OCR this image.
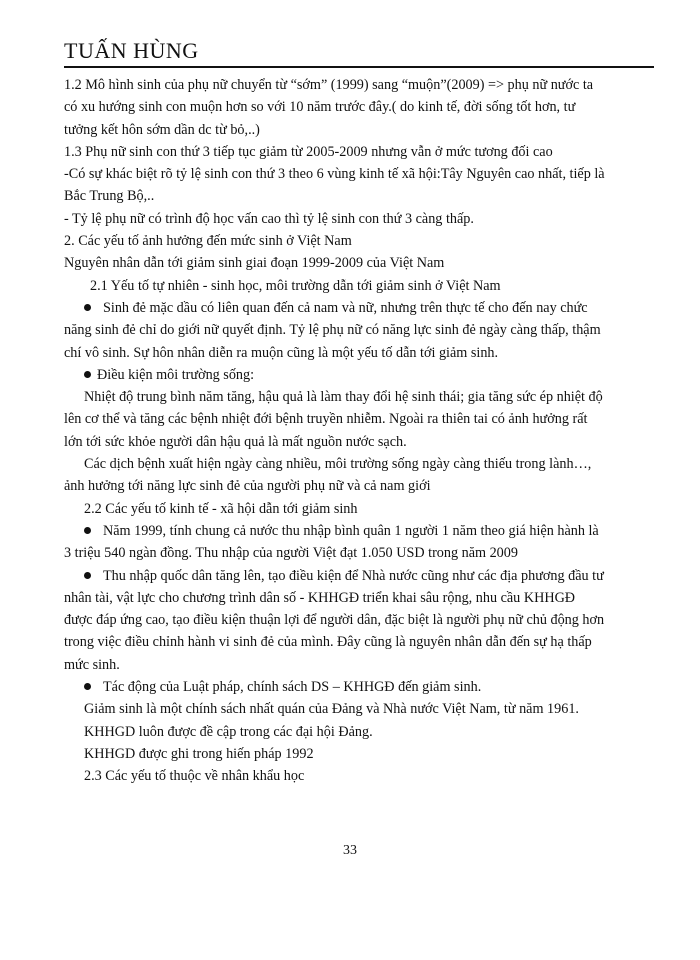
TUẤN HÙNG

1.2 Mô hình sinh của phụ nữ chuyển từ “sớm” (1999) sang “muộn”(2009) => phụ nữ nước ta

có xu hướng sinh con muộn hơn so với 10 năm trước đây.( do kinh tế, đời sống tốt hơn, tư

tưởng kết hôn sớm dần dc từ bỏ,..)

1.3 Phụ nữ sinh con thứ 3 tiếp tục giảm từ 2005-2009 nhưng vẫn ở mức tương đối cao

-Có sự khác biệt rõ tỷ lệ sinh con thứ 3 theo 6 vùng kinh tế xã hội:Tây Nguyên cao nhất, tiếp là

Bắc Trung Bộ,..

- Tỷ lệ phụ nữ có trình độ học vấn cao thì tỷ lệ sinh con thứ 3 càng thấp.

2. Các yếu tố ảnh hưởng đến mức sinh ở Việt Nam

Nguyên nhân dẫn tới giảm sinh giai đoạn 1999-2009 của Việt Nam

2.1 Yếu tố tự nhiên - sinh học, môi trường dẫn tới giảm sinh ở Việt Nam

Sinh đẻ mặc dầu có liên quan đến cả nam và nữ, nhưng trên thực tế cho đến nay chức

năng sinh đẻ chỉ do giới nữ quyết định. Tỷ lệ phụ nữ có năng lực sinh đẻ ngày càng thấp, thậm

chí vô sinh. Sự hôn nhân diễn ra muộn cũng là một yếu tố dẫn tới giảm sinh.

Điều kiện môi trường sống:

Nhiệt độ trung bình năm tăng, hậu quả là làm thay đổi hệ sinh thái; gia tăng sức ép nhiệt độ

lên cơ thể và tăng các bệnh nhiệt đới bệnh truyền nhiễm. Ngoài ra thiên tai có ảnh hưởng rất

lớn tới sức khỏe người dân hậu quả là mất nguồn nước sạch.

Các dịch bệnh xuất hiện ngày càng nhiều, môi trường sống ngày càng thiếu trong lành…,

ảnh hưởng tới năng lực sinh đẻ của người phụ nữ và cả nam giới

2.2 Các yếu tố kinh tế - xã hội dẫn tới giảm sinh

Năm 1999, tính chung cả nước thu nhập bình quân 1 người 1 năm theo giá hiện hành là

3 triệu 540 ngàn đồng. Thu nhập của người Việt đạt 1.050 USD trong năm 2009

Thu nhập quốc dân tăng lên, tạo điều kiện để Nhà nước cũng như các địa phương đầu tư

nhân tài, vật lực cho chương trình dân số - KHHGĐ triển khai sâu rộng, nhu cầu KHHGĐ

được đáp ứng cao, tạo điều kiện thuận lợi để người dân, đặc biệt là người phụ nữ chủ động hơn

trong việc điều chỉnh hành vi sinh đẻ của mình. Đây cũng là nguyên nhân dẫn đến sự hạ thấp

mức sinh.

Tác động của Luật pháp, chính sách DS – KHHGĐ đến giảm sinh.

Giảm sinh là một chính sách nhất quán của Đảng và Nhà nước Việt Nam, từ năm 1961.

KHHGD luôn được đề cập trong các đại hội Đảng.

KHHGD được ghi trong hiến pháp 1992

2.3 Các yếu tố thuộc về nhân khẩu học

33
